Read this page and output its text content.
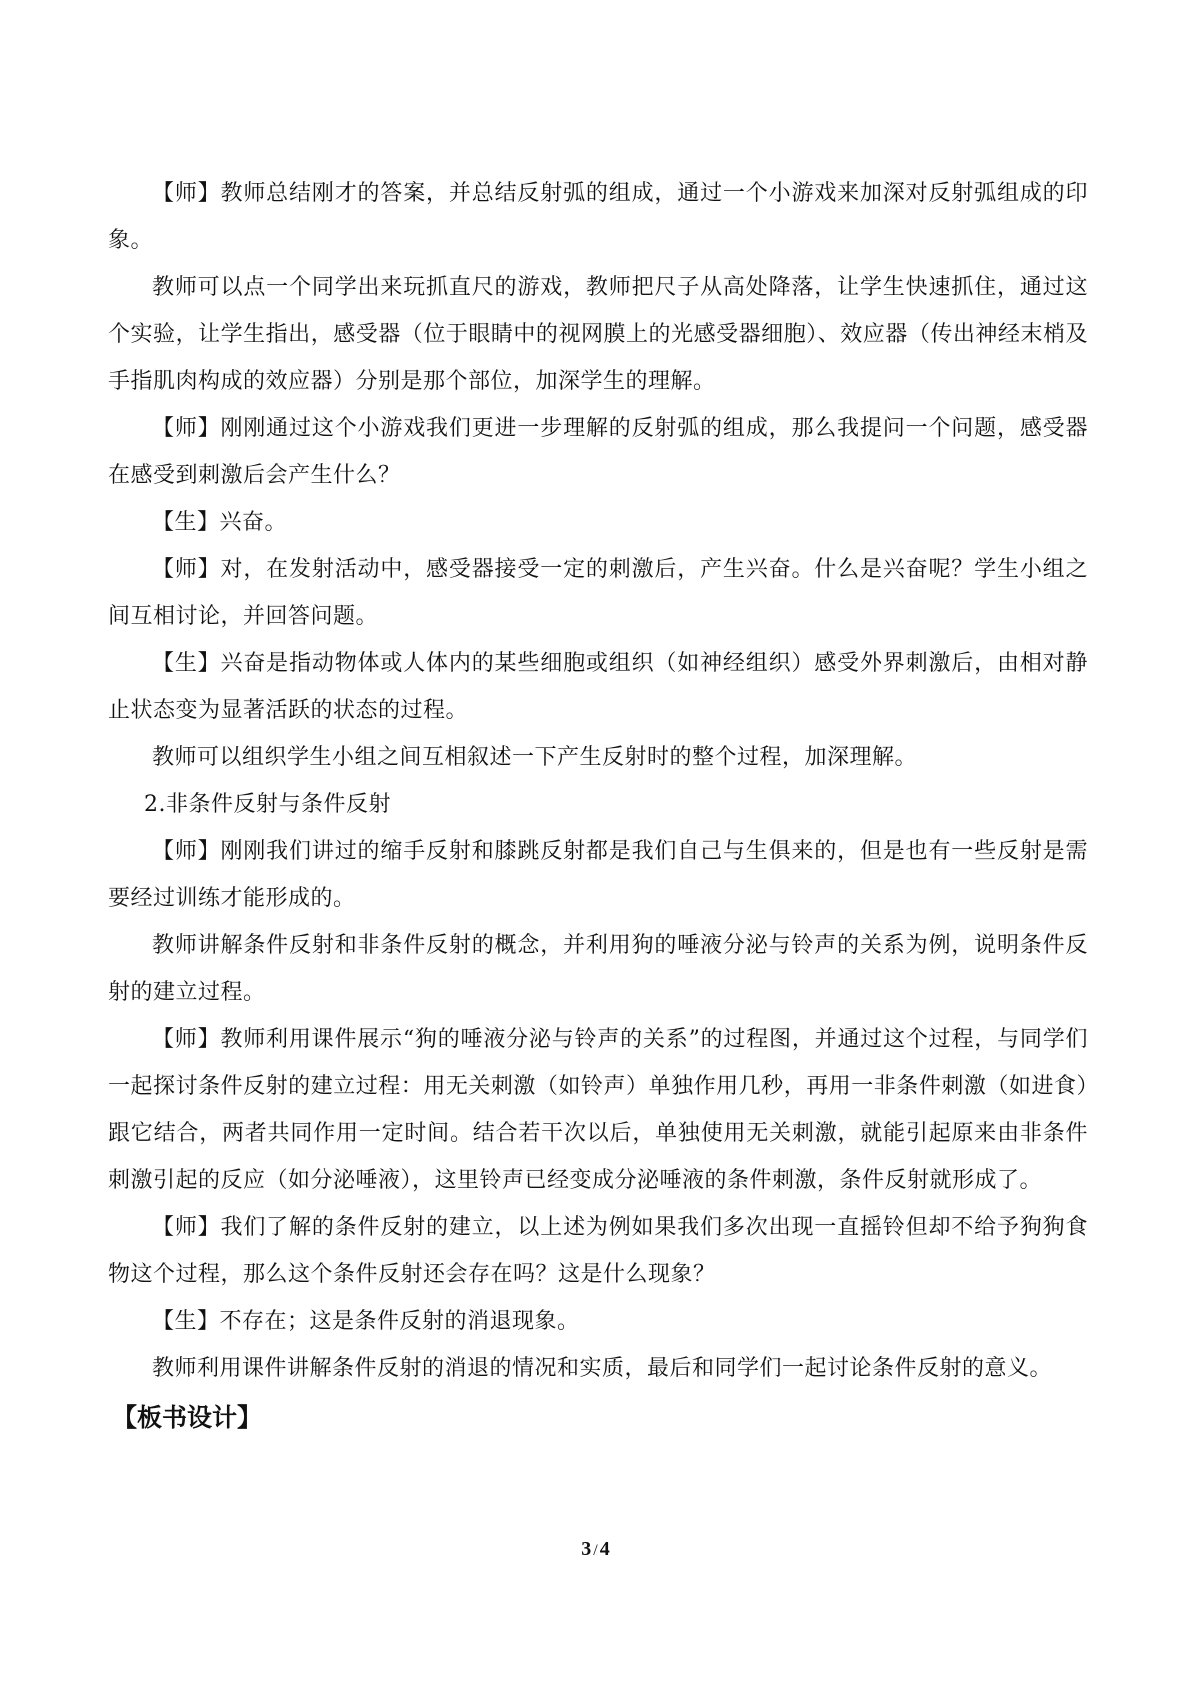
【师】教师总结刚才的答案，并总结反射弧的组成，通过一个小游戏来加深对反射弧组成的印象。

教师可以点一个同学出来玩抓直尺的游戏，教师把尺子从高处降落，让学生快速抓住，通过这个实验，让学生指出，感受器（位于眼睛中的视网膜上的光感受器细胞）、效应器（传出神经末梢及手指肌肉构成的效应器）分别是那个部位，加深学生的理解。

【师】刚刚通过这个小游戏我们更进一步理解的反射弧的组成，那么我提问一个问题，感受器在感受到刺激后会产生什么？

【生】兴奋。

【师】对，在发射活动中，感受器接受一定的刺激后，产生兴奋。什么是兴奋呢？学生小组之间互相讨论，并回答问题。

【生】兴奋是指动物体或人体内的某些细胞或组织（如神经组织）感受外界刺激后，由相对静止状态变为显著活跃的状态的过程。

教师可以组织学生小组之间互相叙述一下产生反射时的整个过程，加深理解。

2.非条件反射与条件反射

【师】刚刚我们讲过的缩手反射和膝跳反射都是我们自己与生俱来的，但是也有一些反射是需要经过训练才能形成的。

教师讲解条件反射和非条件反射的概念，并利用狗的唾液分泌与铃声的关系为例，说明条件反射的建立过程。

【师】教师利用课件展示“狗的唾液分泌与铃声的关系”的过程图，并通过这个过程，与同学们一起探讨条件反射的建立过程：用无关刺激（如铃声）单独作用几秒，再用一非条件刺激（如进食）跟它结合，两者共同作用一定时间。结合若干次以后，单独使用无关刺激，就能引起原来由非条件刺激引起的反应（如分泌唾液），这里铃声已经变成分泌唾液的条件刺激，条件反射就形成了。

【师】我们了解的条件反射的建立，以上述为例如果我们多次出现一直摇铃但却不给予狗狗食物这个过程，那么这个条件反射还会存在吗？这是什么现象？

【生】不存在；这是条件反射的消退现象。

教师利用课件讲解条件反射的消退的情况和实质，最后和同学们一起讨论条件反射的意义。

【板书设计】
3 / 4
